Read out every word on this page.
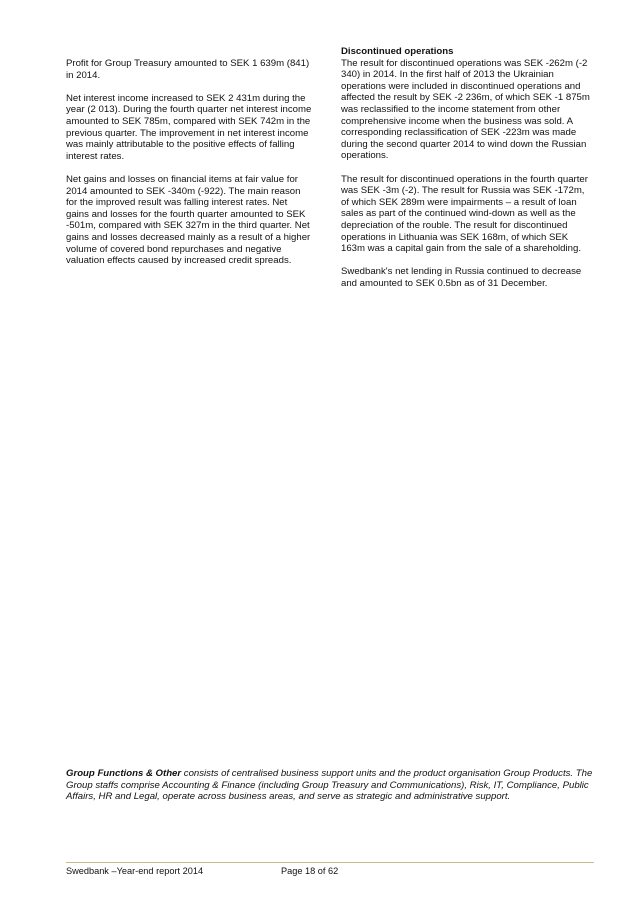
Profit for Group Treasury amounted to SEK 1 639m (841) in 2014.

Net interest income increased to SEK 2 431m during the year (2 013). During the fourth quarter net interest income amounted to SEK 785m, compared with SEK 742m in the previous quarter. The improvement in net interest income was mainly attributable to the positive effects of falling interest rates.

Net gains and losses on financial items at fair value for 2014 amounted to SEK -340m (-922). The main reason for the improved result was falling interest rates. Net gains and losses for the fourth quarter amounted to SEK -501m, compared with SEK 327m in the third quarter. Net gains and losses decreased mainly as a result of a higher volume of covered bond repurchases and negative valuation effects caused by increased credit spreads.

Discontinued operations

The result for discontinued operations was SEK -262m (-2 340) in 2014. In the first half of 2013 the Ukrainian operations were included in discontinued operations and affected the result by SEK -2 236m, of which SEK -1 875m was reclassified to the income statement from other comprehensive income when the business was sold. A corresponding reclassification of SEK -223m was made during the second quarter 2014 to wind down the Russian operations.

The result for discontinued operations in the fourth quarter was SEK -3m (-2). The result for Russia was SEK -172m, of which SEK 289m were impairments – a result of loan sales as part of the continued wind-down as well as the depreciation of the rouble. The result for discontinued operations in Lithuania was SEK 168m, of which SEK 163m was a capital gain from the sale of a shareholding.

Swedbank's net lending in Russia continued to decrease and amounted to SEK 0.5bn as of 31 December.

Group Functions & Other consists of centralised business support units and the product organisation Group Products. The Group staffs comprise Accounting & Finance (including Group Treasury and Communications), Risk, IT, Compliance, Public Affairs, HR and Legal, operate across business areas, and serve as strategic and administrative support.
Swedbank –Year-end report 2014	Page 18 of 62
